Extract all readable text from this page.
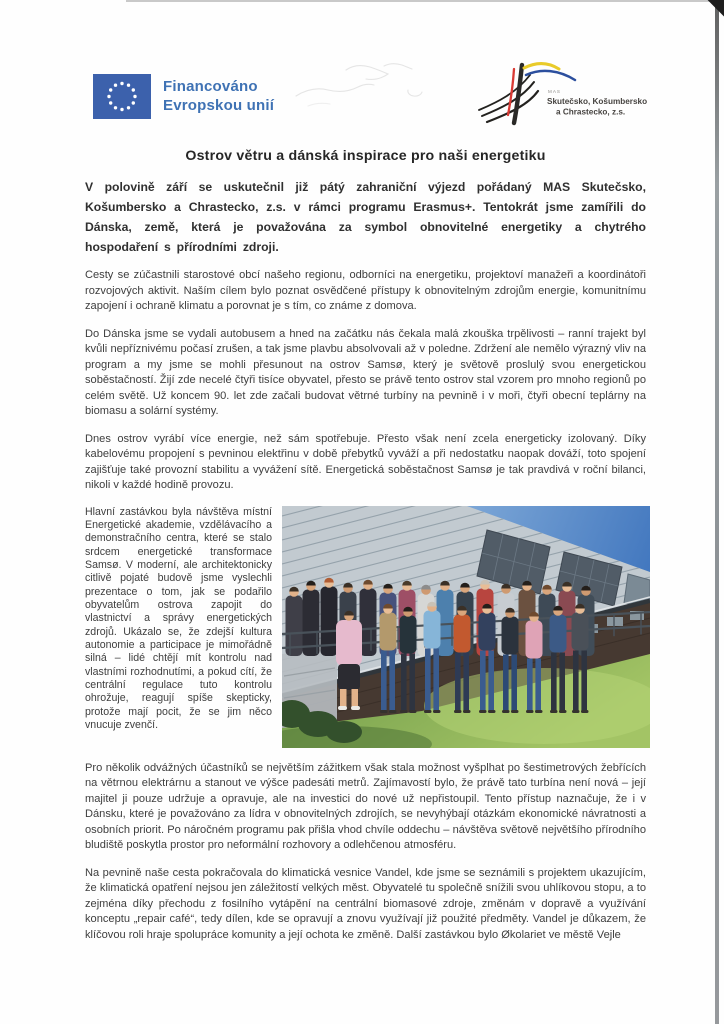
Financováno
Evropskou unií
MAS
Skutečsko, Košumbersko
a Chrastecko, z.s.
Ostrov větru a dánská inspirace pro naši energetiku

V polovině září se uskutečnil již pátý zahraniční výjezd pořádaný MAS Skutečsko, Košumbersko a Chrastecko, z.s. v rámci programu Erasmus+. Tentokrát jsme zamířili do Dánska, země, která je považována za symbol obnovitelné energetiky a chytrého hospodaření s přírodními zdroji.

Cesty se zúčastnili starostové obcí našeho regionu, odborníci na energetiku, projektoví manažeři a koordinátoři rozvojových aktivit. Naším cílem bylo poznat osvědčené přístupy k obnovitelným zdrojům energie, komunitnímu zapojení i ochraně klimatu a porovnat je s tím, co známe z domova.

Do Dánska jsme se vydali autobusem a hned na začátku nás čekala malá zkouška trpělivosti – ranní trajekt byl kvůli nepříznivému počasí zrušen, a tak jsme plavbu absolvovali až v poledne. Zdržení ale nemělo výrazný vliv na program a my jsme se mohli přesunout na ostrov Samsø, který je světově proslulý svou energetickou soběstačností. Žijí zde necelé čtyři tisíce obyvatel, přesto se právě tento ostrov stal vzorem pro mnoho regionů po celém světě. Už koncem 90. let zde začali budovat větrné turbíny na pevnině i v moři, čtyři obecní teplárny na biomasu a solární systémy.

Dnes ostrov vyrábí více energie, než sám spotřebuje. Přesto však není zcela energeticky izolovaný. Díky kabelovému propojení s pevninou elektřinu v době přebytků vyváží a při nedostatku naopak dováží, toto spojení zajišťuje také provozní stabilitu a vyvážení sítě. Energetická soběstačnost Samsø je tak pravdivá v roční bilanci, nikoli v každé hodině provozu.

Hlavní zastávkou byla návštěva místní Energetické akademie, vzdělávacího a demonstračního centra, které se stalo srdcem energetické transformace Samsø. V moderní, ale architektonicky citlivě pojaté budově jsme vyslechli prezentace o tom, jak se podařilo obyvatelům ostrova zapojit do vlastnictví a správy energetických zdrojů. Ukázalo se, že zdejší kultura autonomie a participace je mimořádně silná – lidé chtějí mít kontrolu nad vlastními rozhodnutími, a pokud cítí, že centrální regulace tuto kontrolu ohrožuje, reagují spíše skepticky, protože mají pocit, že se jim něco vnucuje zvenčí.

Pro několik odvážných účastníků se největším zážitkem však stala možnost vyšplhat po šestimetrových žebřících na větrnou elektrárnu a stanout ve výšce padesáti metrů. Zajímavostí bylo, že právě tato turbína není nová – její majitel ji pouze udržuje a opravuje, ale na investici do nové už nepřistoupil. Tento přístup naznačuje, že i v Dánsku, které je považováno za lídra v obnovitelných zdrojích, se nevyhýbají otázkám ekonomické návratnosti a osobních priorit. Po náročném programu pak přišla vhod chvíle oddechu – návštěva světově největšího přírodního bludiště poskytla prostor pro neformální rozhovory a odlehčenou atmosféru.

Na pevnině naše cesta pokračovala do klimatická vesnice Vandel, kde jsme se seznámili s projektem ukazujícím, že klimatická opatření nejsou jen záležitostí velkých měst. Obyvatelé tu společně snížili svou uhlíkovou stopu, a to zejména díky přechodu z fosilního vytápění na centrální biomasové zdroje, změnám v dopravě a využívání konceptu „repair café“, tedy dílen, kde se opravují a znovu využívají již použité předměty. Vandel je důkazem, že klíčovou roli hraje spolupráce komunity a její ochota ke změně. Další zastávkou bylo Økolariet ve městě Vejle
